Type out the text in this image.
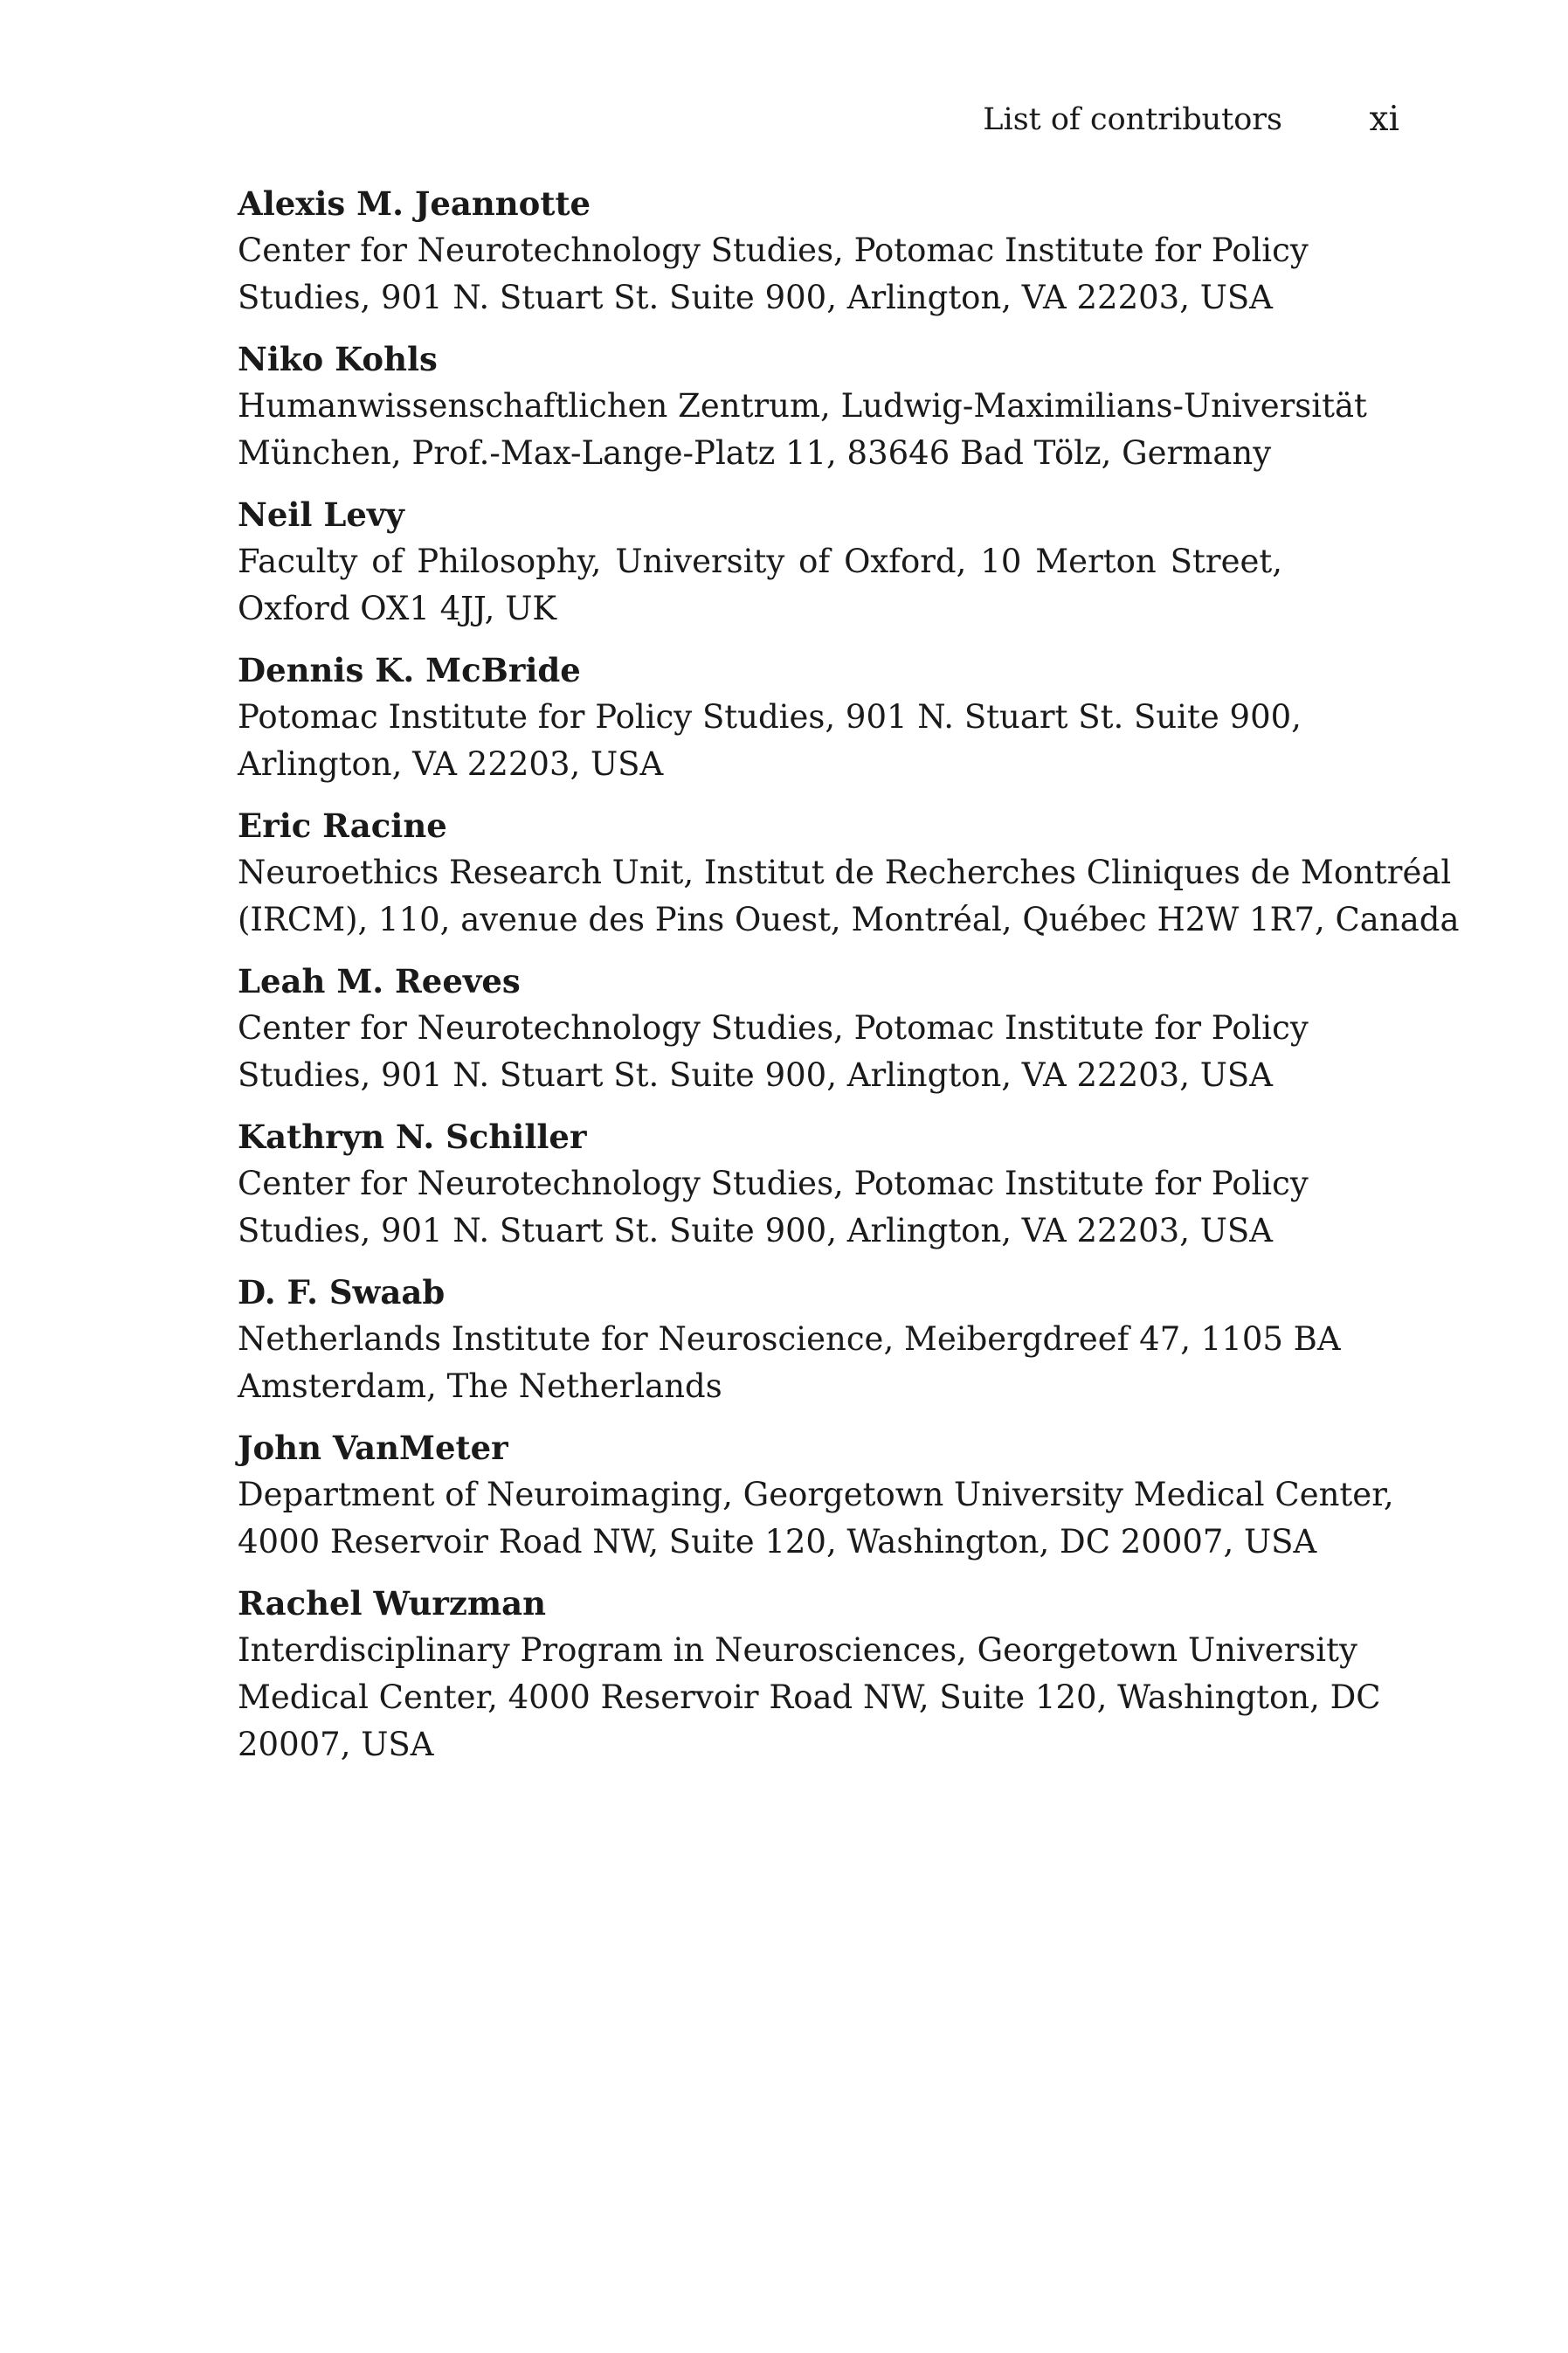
List of contributors	xi
Alexis M. Jeannotte
Center for Neurotechnology Studies, Potomac Institute for Policy
Studies, 901 N. Stuart St. Suite 900, Arlington, VA 22203, USA
Niko Kohls
Humanwissenschaftlichen Zentrum, Ludwig-Maximilians-Universität
München, Prof.-Max-Lange-Platz 11, 83646 Bad Tölz, Germany
Neil Levy
Faculty of Philosophy, University of Oxford, 10 Merton Street,
Oxford OX1 4JJ, UK
Dennis K. McBride
Potomac Institute for Policy Studies, 901 N. Stuart St. Suite 900,
Arlington, VA 22203, USA
Eric Racine
Neuroethics Research Unit, Institut de Recherches Cliniques de Montréal
(IRCM), 110, avenue des Pins Ouest, Montréal, Québec H2W 1R7, Canada
Leah M. Reeves
Center for Neurotechnology Studies, Potomac Institute for Policy
Studies, 901 N. Stuart St. Suite 900, Arlington, VA 22203, USA
Kathryn N. Schiller
Center for Neurotechnology Studies, Potomac Institute for Policy
Studies, 901 N. Stuart St. Suite 900, Arlington, VA 22203, USA
D. F. Swaab
Netherlands Institute for Neuroscience, Meibergdreef 47, 1105 BA
Amsterdam, The Netherlands
John VanMeter
Department of Neuroimaging, Georgetown University Medical Center,
4000 Reservoir Road NW, Suite 120, Washington, DC 20007, USA
Rachel Wurzman
Interdisciplinary Program in Neurosciences, Georgetown University
Medical Center, 4000 Reservoir Road NW, Suite 120, Washington, DC
20007, USA
